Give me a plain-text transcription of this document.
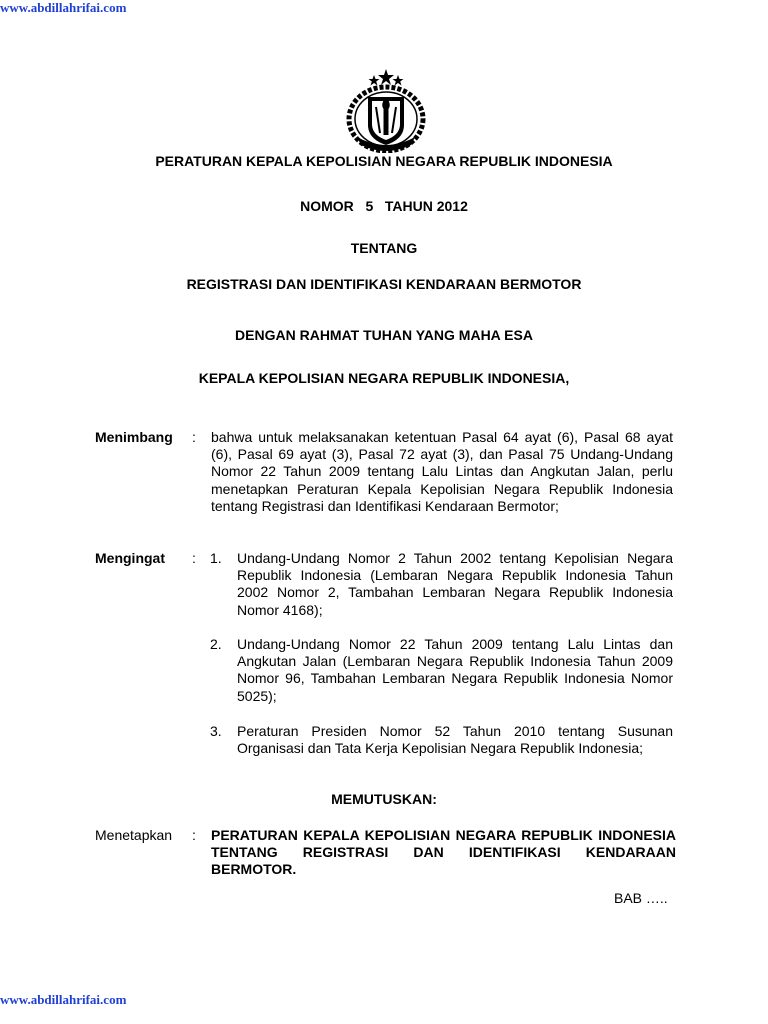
www.abdillahrifai.com
PERATURAN KEPALA KEPOLISIAN NEGARA REPUBLIK INDONESIA
NOMOR   5   TAHUN 2012
TENTANG
REGISTRASI DAN IDENTIFIKASI KENDARAAN BERMOTOR
DENGAN RAHMAT TUHAN YANG MAHA ESA
KEPALA KEPOLISIAN NEGARA REPUBLIK INDONESIA,
Menimbang : bahwa untuk melaksanakan ketentuan Pasal 64 ayat (6), Pasal 68 ayat (6), Pasal 69 ayat (3), Pasal 72 ayat (3), dan Pasal 75 Undang-Undang Nomor 22 Tahun 2009 tentang Lalu Lintas dan Angkutan Jalan, perlu menetapkan Peraturan Kepala Kepolisian Negara Republik Indonesia tentang Registrasi dan Identifikasi Kendaraan Bermotor;
Mengingat : 1. Undang-Undang Nomor 2 Tahun 2002 tentang Kepolisian Negara Republik Indonesia (Lembaran Negara Republik Indonesia Tahun 2002 Nomor 2, Tambahan Lembaran Negara Republik Indonesia Nomor 4168);
2. Undang-Undang Nomor 22 Tahun 2009 tentang Lalu Lintas dan Angkutan Jalan (Lembaran Negara Republik Indonesia Tahun 2009 Nomor 96, Tambahan Lembaran Negara Republik Indonesia Nomor 5025);
3. Peraturan Presiden Nomor 52 Tahun 2010 tentang Susunan Organisasi dan Tata Kerja Kepolisian Negara Republik Indonesia;
MEMUTUSKAN:
Menetapkan : PERATURAN KEPALA KEPOLISIAN NEGARA REPUBLIK INDONESIA TENTANG REGISTRASI DAN IDENTIFIKASI KENDARAAN BERMOTOR.
BAB …..
www.abdillahrifai.com
